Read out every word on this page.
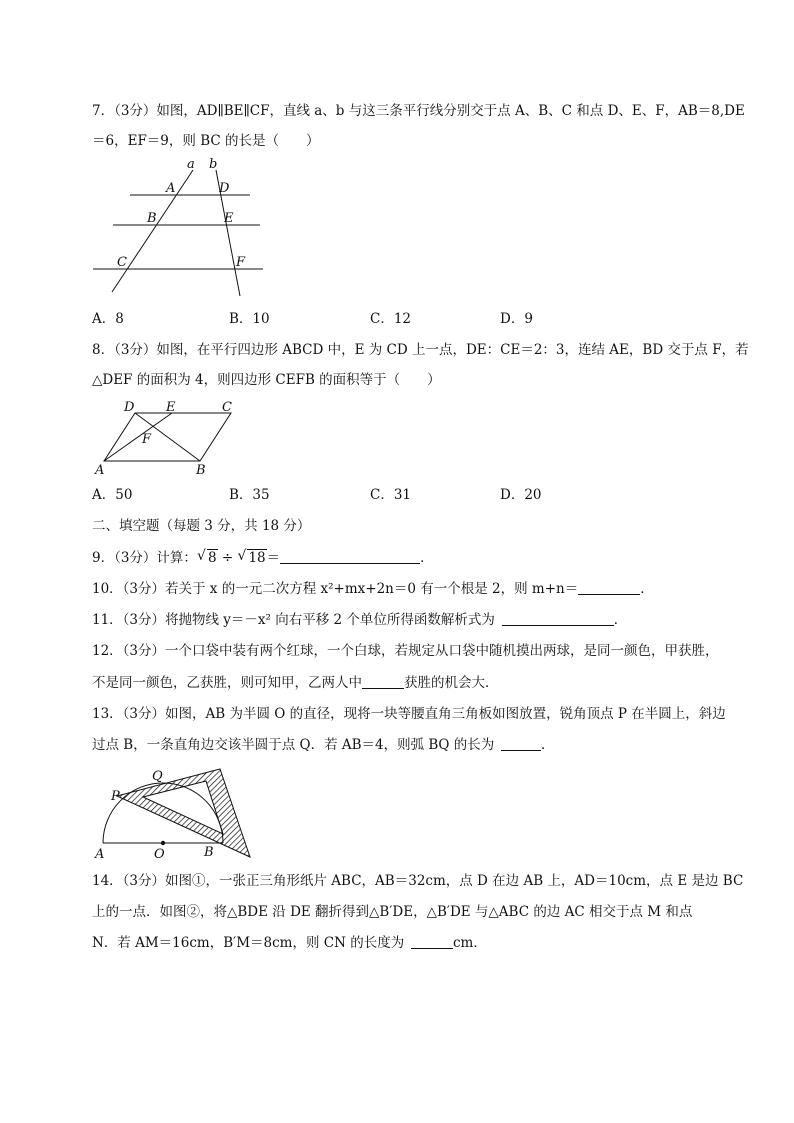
7．（3分）如图，AD∥BE∥CF，直线 a、b 与这三条平行线分别交于点 A、B、C 和点 D、E、F，AB＝8,DE
＝6，EF＝9，则 BC 的长是（　　）
a b
A	D
B	E
C	F
A．8	B．10	C．12	D．9
8．（3分）如图，在平行四边形 ABCD 中，E 为 CD 上一点，DE：CE＝2：3，连结 AE，BD 交于点 F，若
△DEF 的面积为 4，则四边形 CEFB 的面积等于（　　）
D E	C
F
A	B
A．50	B．35	C．31	D．20
二、填空题（每题 3 分，共 18 分）
9．（3分）计算：√ 8 ÷ √ 18＝	．
10．（3分）若关于 x 的一元二次方程 x²+mx+2n＝0 有一个根是 2，则 m+n＝	．
11．（3分）将抛物线 y＝－x² 向右平移 2 个单位所得函数解析式为 	．
12．（3分）一个口袋中装有两个红球，一个白球，若规定从口袋中随机摸出两球，是同一颜色，甲获胜，
不是同一颜色，乙获胜，则可知甲，乙两人中	获胜的机会大．
13．（3分）如图，AB 为半圆 O 的直径，现将一块等腰直角三角板如图放置，锐角顶点 P 在半圆上，斜边
过点 B，一条直角边交该半圆于点 Q．若 AB＝4，则弧 BQ 的长为 	．
Q
P
A	O	B
14．（3分）如图①，一张正三角形纸片 ABC，AB＝32cm，点 D 在边 AB 上，AD＝10cm，点 E 是边 BC
上的一点．如图②，将△BDE 沿 DE 翻折得到△B′DE，△B′DE 与△ABC 的边 AC 相交于点 M 和点
N．若 AM＝16cm，B′M＝8cm，则 CN 的长度为 	cm．
